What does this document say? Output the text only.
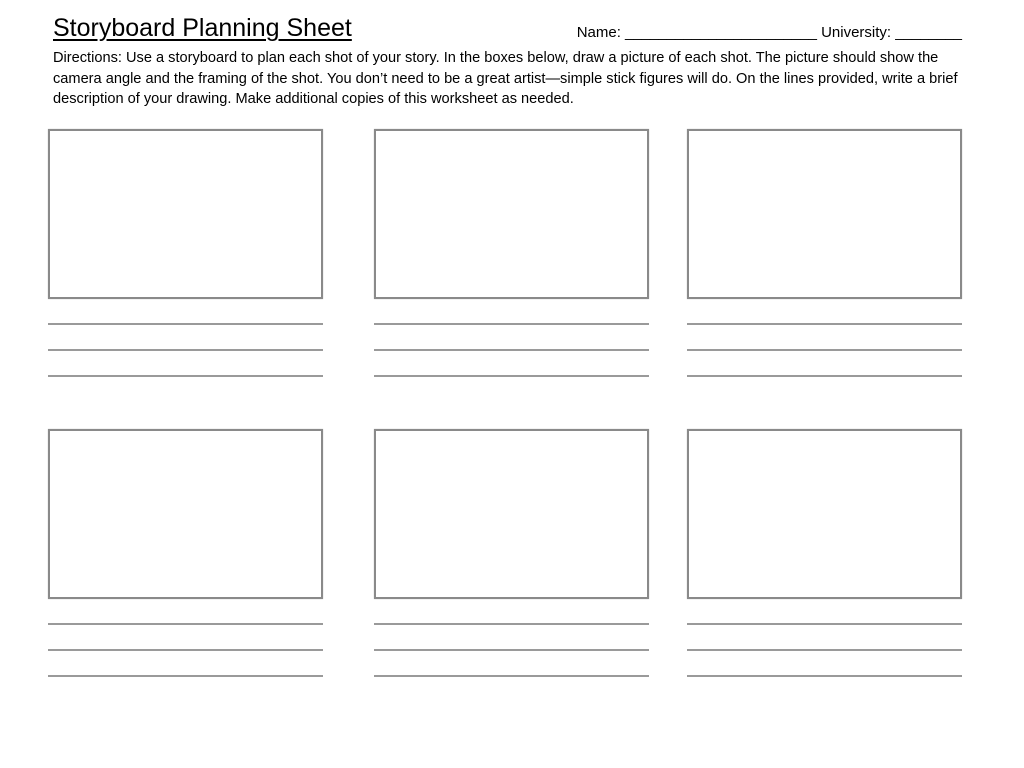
Storyboard Planning Sheet	Name: _______________________ University: ________
Directions: Use a storyboard to plan each shot of your story. In the boxes below, draw a picture of each shot. The picture should show the camera angle and the framing of the shot. You don’t need to be a great artist—simple stick figures will do. On the lines provided, write a brief description of your drawing. Make additional copies of this worksheet as needed.
